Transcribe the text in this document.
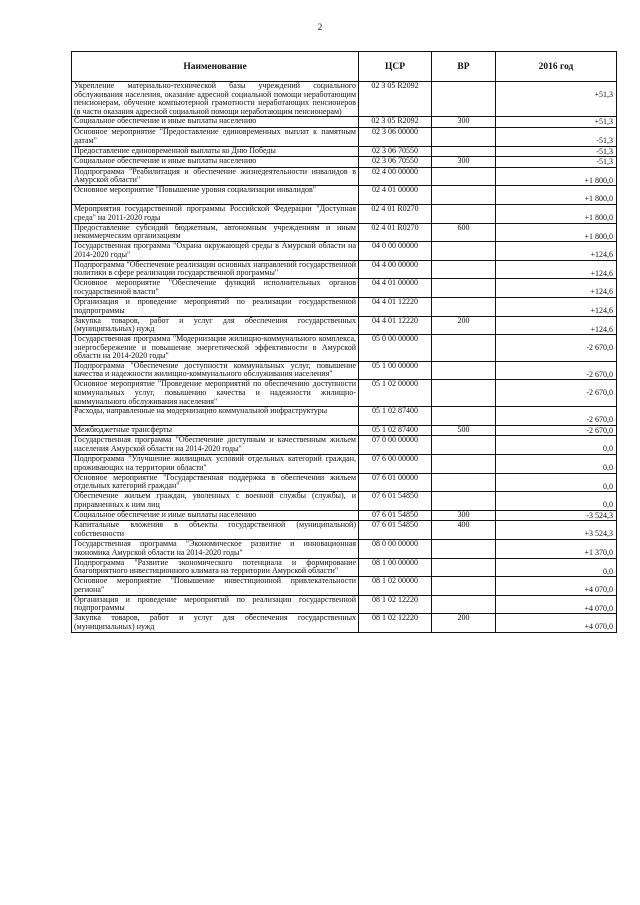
2
Наименование	ЦСР	ВР	2016 год
Укрепление материально-технической базы учреждений социального обслуживания населения, оказание адресной социальной помощи неработающим пенсионерам, обучение компьютерной грамотности неработающих пенсионеров (в части оказания адресной социальной помощи неработающим пенсионерам)	02 3 05 R2092		+51,3
Социальное обеспечение и иные выплаты населению	02 3 05 R2092	300	+51,3
Основное мероприятие "Предоставление единовременных выплат к памятным датам"	02 3 06 00000		-51,3
Предоставление единовременной выплаты ко Дню Победы	02 3 06 70550		-51,3
Социальное обеспечение и иные выплаты населению	02 3 06 70550	300	-51,3
Подпрограмма "Реабилитация и обеспечение жизнедеятельности инвалидов в Амурской области"	02 4 00 00000		+1 800,0
Основное мероприятие "Повышение уровня социализации инвалидов"	02 4 01 00000		+1 800,0
Мероприятия государственной программы Российской Федерации "Доступная среда" на 2011-2020 годы	02 4 01 R0270		+1 800,0
Предоставление субсидий бюджетным, автономным учреждениям и иным некоммерческим организациям	02 4 01 R0270	600	+1 800,0
Государственная программа "Охрана окружающей среды в Амурской области на 2014-2020 годы"	04 0 00 00000		+124,6
Подпрограмма "Обеспечение реализации основных направлений государственной политики в сфере реализации государственной программы"	04 4 00 00000		+124,6
Основное мероприятие "Обеспечение функций исполнительных органов государственной власти"	04 4 01 00000		+124,6
Организация и проведение мероприятий по реализации государственной подпрограммы	04 4 01 12220		+124,6
Закупка товаров, работ и услуг для обеспечения государственных (муниципальных) нужд	04 4 01 12220	200	+124,6
Государственная программа "Модернизация жилищно-коммунального комплекса, энергосбережение и повышение энергетической эффективности в Амурской области на 2014-2020 годы"	05 0 00 00000		-2 670,0
Подпрограмма "Обеспечение доступности коммунальных услуг, повышение качества и надежности жилищно-коммунального обслуживания населения"	05 1 00 00000		-2 670,0
Основное мероприятие "Проведение мероприятий по обеспечению доступности коммунальных услуг, повышению качества и надежности жилищно-коммунального обслуживания населения"	05 1 02 00000		-2 670,0
Расходы, направленные на модернизацию коммунальной инфраструктуры	05 1 02 87400		-2 670,0
Межбюджетные трансферты	05 1 02 87400	500	-2 670,0
Государственная программа "Обеспечение доступным и качественным жильем населения Амурской области на 2014-2020 годы"	07 0 00 00000		0,0
Подпрограмма "Улучшение жилищных условий отдельных категорий граждан, проживающих на территории области"	07 6 00 00000		0,0
Основное мероприятие "Государственная поддержка в обеспечении жильем отдельных категорий граждан"	07 6 01 00000		0,0
Обеспечение жильем граждан, уволенных с военной службы (службы), и приравненных к ним лиц	07 6 01 54850		0,0
Социальное обеспечение и иные выплаты населению	07 6 01 54850	300	-3 524,3
Капитальные вложения в объекты государственной (муниципальной) собственности	07 6 01 54850	400	+3 524,3
Государственная программа "Экономическое развитие и инновационная экономика Амурской области на 2014-2020 годы"	08 0 00 00000		+1 370,0
Подпрограмма "Развитие экономического потенциала и формирование благоприятного инвестиционного климата на территории Амурской области"	08 1 00 00000		0,0
Основное мероприятие "Повышение инвестиционной привлекательности региона"	08 1 02 00000		+4 070,0
Организация и проведение мероприятий по реализации государственной подпрограммы	08 1 02 12220		+4 070,0
Закупка товаров, работ и услуг для обеспечения государственных (муниципальных) нужд	08 1 02 12220	200	+4 070,0
